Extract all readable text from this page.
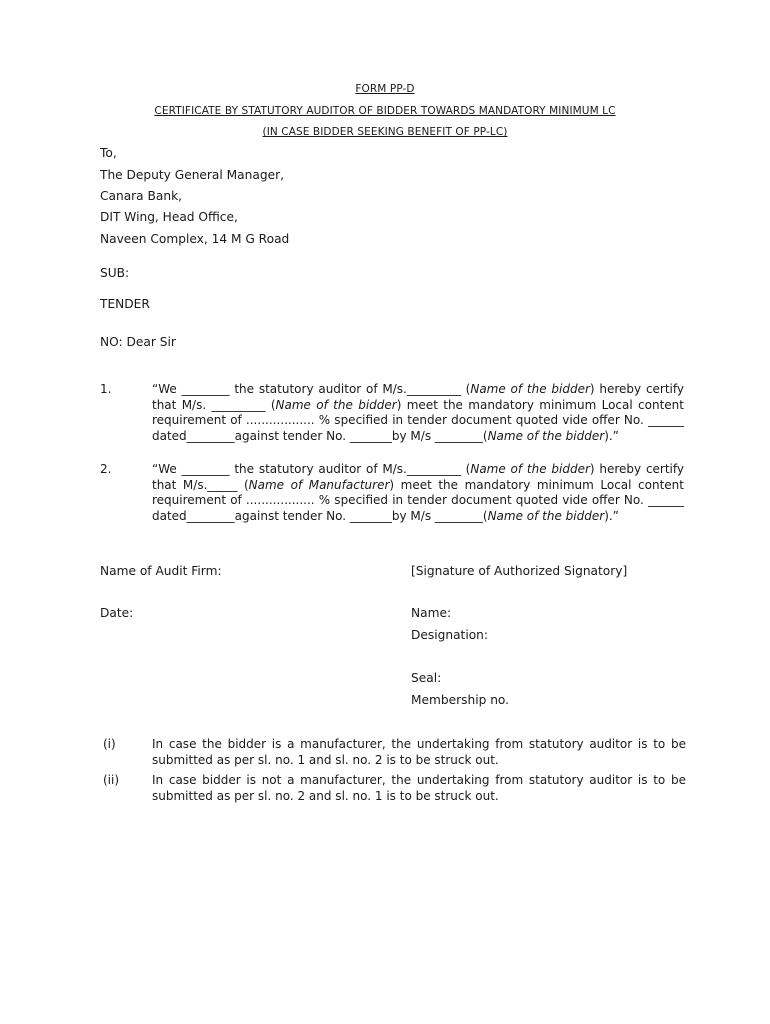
FORM PP-D
CERTIFICATE BY STATUTORY AUDITOR OF BIDDER TOWARDS MANDATORY MINIMUM LC
(IN CASE BIDDER SEEKING BENEFIT OF PP-LC)
To,
The Deputy General Manager,
Canara Bank,
DIT Wing, Head Office,
Naveen Complex, 14 M G Road
SUB:
TENDER
NO: Dear Sir
1.	“We ________ the statutory auditor of M/s._________ (Name of the bidder) hereby certify that M/s. _________ (Name of the bidder) meet the mandatory minimum Local content requirement of .................. % specified in tender document quoted vide offer No. ______ dated________against tender No. _______by M/s ________(Name of the bidder).”
2.	“We ________ the statutory auditor of M/s._________ (Name of the bidder) hereby certify that M/s._____ (Name of Manufacturer) meet the mandatory minimum Local content requirement of .................. % specified in tender document quoted vide offer No. ______ dated________against tender No. _______by M/s ________(Name of the bidder).”
Name of Audit Firm:	[Signature of Authorized Signatory]
Date:	Name:
Designation:
Seal:
Membership no.
(i)	In case the bidder is a manufacturer, the undertaking from statutory auditor is to be submitted as per sl. no. 1 and sl. no. 2 is to be struck out.
(ii)	In case bidder is not a manufacturer, the undertaking from statutory auditor is to be submitted as per sl. no. 2 and sl. no. 1 is to be struck out.
